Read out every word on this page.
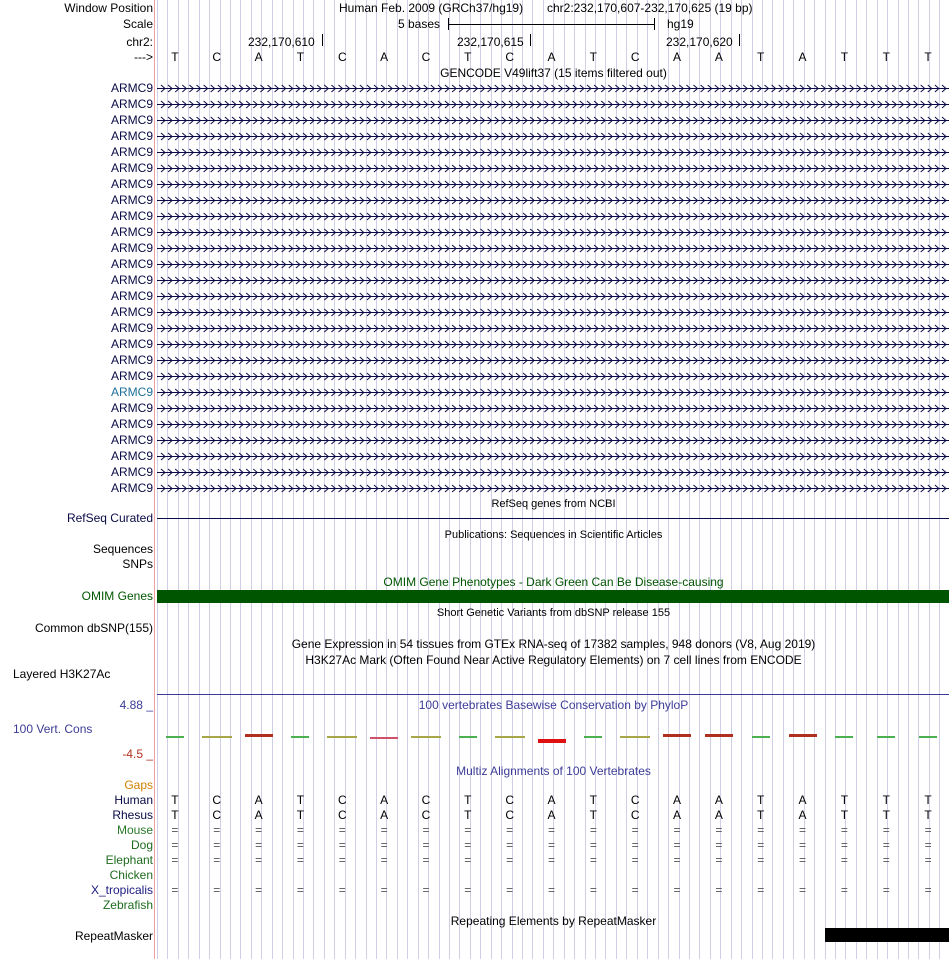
Window Position
Scale
chr2:
--->
Human Feb. 2009 (GRCh37/hg19) chr2:232,170,607-232,170,625 (19 bp)
5 bases	hg19
232,170,610	232,170,615	232,170,620
T	C	A	T	C	A	C	T	C	A	T	C	A	A	T	A	T	T	T
GENCODE V49lift37 (15 items filtered out)
ARMC9
ARMC9
ARMC9
ARMC9
ARMC9
ARMC9
ARMC9
ARMC9
ARMC9
ARMC9
ARMC9
ARMC9
ARMC9
ARMC9
ARMC9
ARMC9
ARMC9
ARMC9
ARMC9
ARMC9
ARMC9
ARMC9
ARMC9
ARMC9
ARMC9
ARMC9
RefSeq genes from NCBI
RefSeq Curated
Publications: Sequences in Scientific Articles
Sequences
SNPs
OMIM Gene Phenotypes - Dark Green Can Be Disease-causing
OMIM Genes
Short Genetic Variants from dbSNP release 155
Common dbSNP(155)
Gene Expression in 54 tissues from GTEx RNA-seq of 17382 samples, 948 donors (V8, Aug 2019)
H3K27Ac Mark (Often Found Near Active Regulatory Elements) on 7 cell lines from ENCODE
Layered H3K27Ac
100 vertebrates Basewise Conservation by PhyloP
4.88 _
100 Vert. Cons
-4.5 _
Multiz Alignments of 100 Vertebrates
Gaps
Human T	C	A	T	C	A	C	T	C	A	T	C	A	A	T	A	T	T	T
Rhesus T	C	A	T	C	A	C	T	C	A	T	C	A	A	T	A	T	T	T
Mouse =	=	=	=	=	=	=	=	=	=	=	=	=	=	=	=	=	=	=
Dog =	=	=	=	=	=	=	=	=	=	=	=	=	=	=	=	=	=	=
Elephant =	=	=	=	=	=	=	=	=	=	=	=	=	=	=	=	=	=	=
Chicken
X_tropicalis =	=	=	=	=	=	=	=	=	=	=	=	=	=	=	=	=	=	=
Zebrafish
Repeating Elements by RepeatMasker
RepeatMasker
